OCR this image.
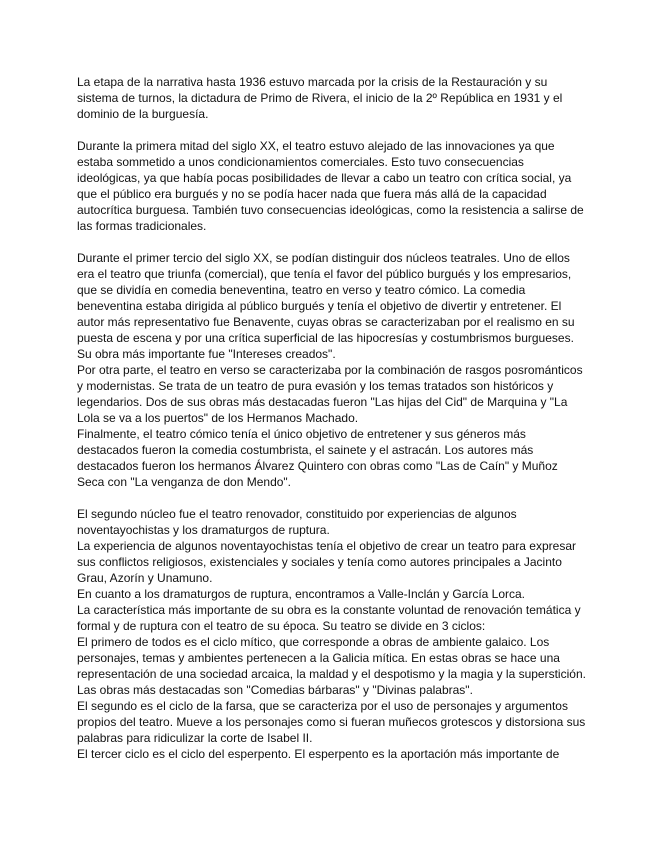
La etapa de la narrativa hasta 1936 estuvo marcada por la crisis de la Restauración y su
sistema de turnos, la dictadura de Primo de Rivera, el inicio de la 2º República en 1931 y el
dominio de la burguesía.
Durante la primera mitad del siglo XX, el teatro estuvo alejado de las innovaciones ya que
estaba sommetido a unos condicionamientos comerciales. Esto tuvo consecuencias
ideológicas, ya que había pocas posibilidades de llevar a cabo un teatro con crítica social, ya
que el público era burgués y no se podía hacer nada que fuera más allá de la capacidad
autocrítica burguesa. También tuvo consecuencias ideológicas, como la resistencia a salirse de
las formas tradicionales.
Durante el primer tercio del siglo XX, se podían distinguir dos núcleos teatrales. Uno de ellos
era el teatro que triunfa (comercial), que tenía el favor del público burgués y los empresarios,
que se dividía en comedia beneventina, teatro en verso y teatro cómico. La comedia
beneventina estaba dirigida al público burgués y tenía el objetivo de divertir y entretener. El
autor más representativo fue Benavente, cuyas obras se caracterizaban por el realismo en su
puesta de escena y por una crítica superficial de las hipocresías y costumbrismos burgueses.
Su obra más importante fue "Intereses creados".
Por otra parte, el teatro en verso se caracterizaba por la combinación de rasgos posrománticos
y modernistas. Se trata de un teatro de pura evasión y los temas tratados son históricos y
legendarios. Dos de sus obras más destacadas fueron "Las hijas del Cid" de Marquina y "La
Lola se va a los puertos" de los Hermanos Machado.
Finalmente, el teatro cómico tenía el único objetivo de entretener y sus géneros más
destacados fueron la comedia costumbrista, el sainete y el astracán. Los autores más
destacados fueron los hermanos Álvarez Quintero con obras como "Las de Caín" y Muñoz
Seca con "La venganza de don Mendo".
El segundo núcleo fue el teatro renovador, constituido por experiencias de algunos
noventayochistas y los dramaturgos de ruptura.
La experiencia de algunos noventayochistas tenía el objetivo de crear un teatro para expresar
sus conflictos religiosos, existenciales y sociales y tenía como autores principales a Jacinto
Grau, Azorín y Unamuno.
En cuanto a los dramaturgos de ruptura, encontramos a Valle-Inclán y García Lorca.
La característica más importante de su obra es la constante voluntad de renovación temática y
formal y de ruptura con el teatro de su época. Su teatro se divide en 3 ciclos:
El primero de todos es el ciclo mítico, que corresponde a obras de ambiente galaico. Los
personajes, temas y ambientes pertenecen a la Galicia mítica. En estas obras se hace una
representación de una sociedad arcaica, la maldad y el despotismo y la magia y la superstición.
Las obras más destacadas son "Comedias bárbaras" y "Divinas palabras".
El segundo es el ciclo de la farsa, que se caracteriza por el uso de personajes y argumentos
propios del teatro. Mueve a los personajes como si fueran muñecos grotescos y distorsiona sus
palabras para ridiculizar la corte de Isabel II.
El tercer ciclo es el ciclo del esperpento. El esperpento es la aportación más importante de
